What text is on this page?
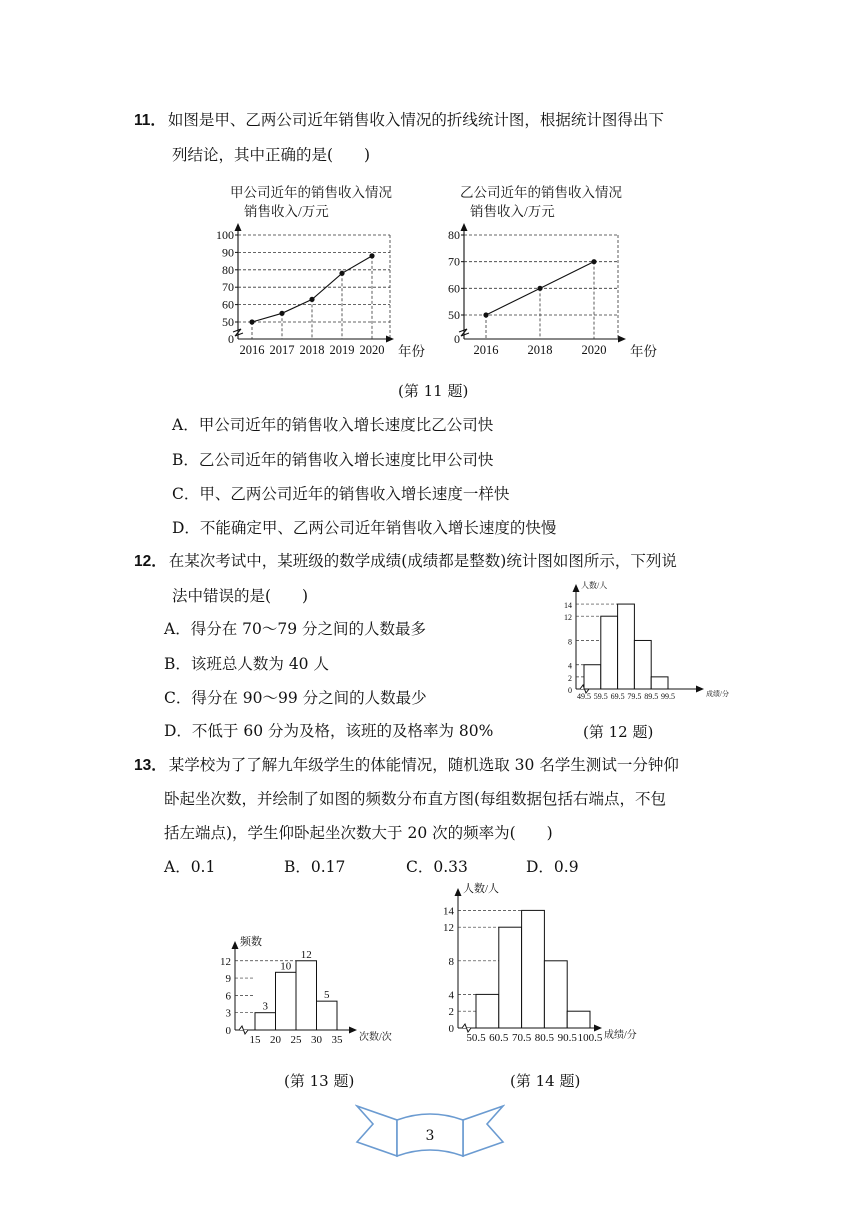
11． 如图是甲、乙两公司近年销售收入情况的折线统计图，根据统计图得出下
列结论，其中正确的是(　　)
甲公司近年的销售收入情况
销售收入/万元
0
50
60
70
80
90
100
2016 2017 2018 2019 2020 年份
乙公司近年的销售收入情况
销售收入/万元
0
50
60
70
80
2016 2018 2020 年份
(第 11 题)
A．甲公司近年的销售收入增长速度比乙公司快
B．乙公司近年的销售收入增长速度比甲公司快
C．甲、乙两公司近年的销售收入增长速度一样快
D．不能确定甲、乙两公司近年销售收入增长速度的快慢
12． 在某次考试中，某班级的数学成绩(成绩都是整数)统计图如图所示，下列说
法中错误的是(　　)
A．得分在 70～79 分之间的人数最多
B．该班总人数为 40 人
C．得分在 90～99 分之间的人数最少
D．不低于 60 分为及格，该班的及格率为 80%
人数/人
成绩/分
0
2
4
8
12
14
49.5 59.5 69.5 79.5 89.5 99.5
(第 12 题)
13． 某学校为了了解九年级学生的体能情况，随机选取 30 名学生测试一分钟仰
卧起坐次数，并绘制了如图的频数分布直方图(每组数据包括右端点，不包
括左端点)，学生仰卧起坐次数大于 20 次的频率为(　　)
A．0.1	B．0.17	C．0.33	D．0.9
频数
次数/次
0
3
6
9
12
3
10
12
5
15 20 25 30 35
人数/人
成绩/分
0
2
4
8
12
14
50.5 60.5 70.5 80.5 90.5 100.5
(第 13 题)	(第 14 题)
3
